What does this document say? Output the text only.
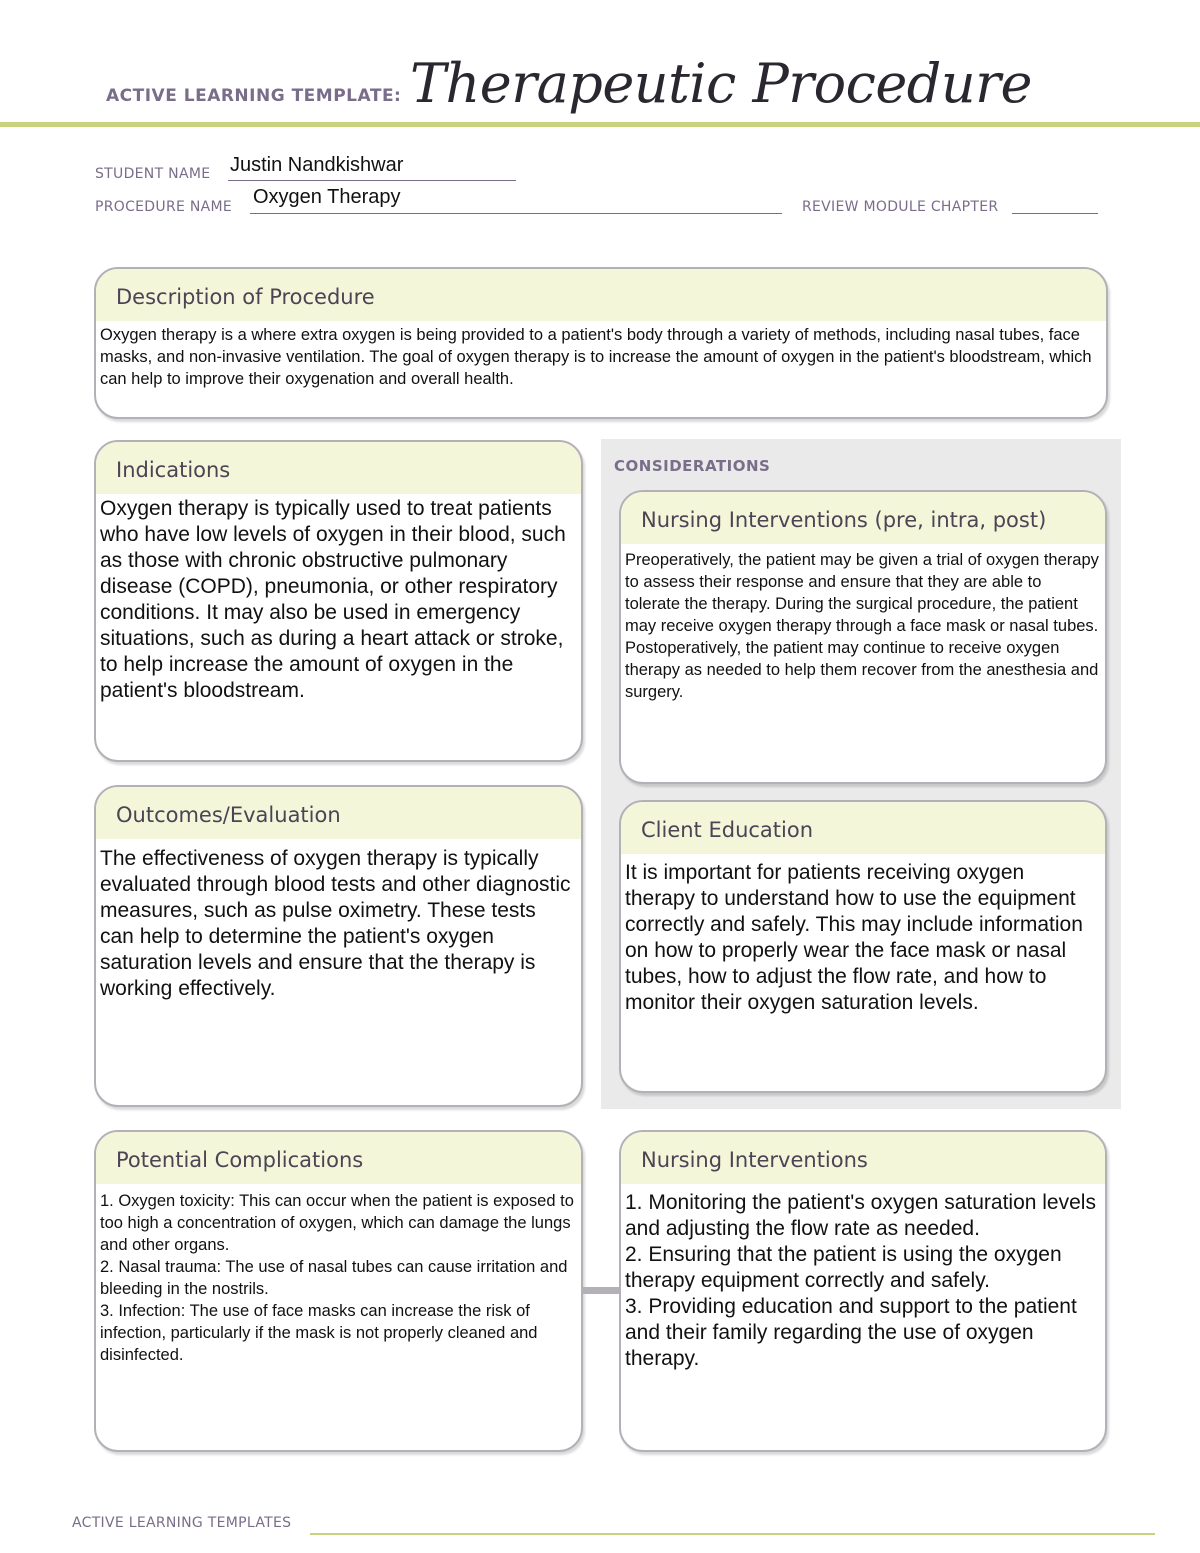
ACTIVE LEARNING TEMPLATE: Therapeutic Procedure
STUDENT NAME Justin Nandkishwar
PROCEDURE NAME Oxygen Therapy	REVIEW MODULE CHAPTER
Description of Procedure
Oxygen therapy is a where extra oxygen is being provided to a patient's body through a variety of methods, including nasal tubes, face masks, and non-invasive ventilation. The goal of oxygen therapy is to increase the amount of oxygen in the patient's bloodstream, which can help to improve their oxygenation and overall health.
Indications
Oxygen therapy is typically used to treat patients who have low levels of oxygen in their blood, such as those with chronic obstructive pulmonary disease (COPD), pneumonia, or other respiratory conditions. It may also be used in emergency situations, such as during a heart attack or stroke, to help increase the amount of oxygen in the patient's bloodstream.
CONSIDERATIONS
Nursing Interventions (pre, intra, post)
Preoperatively, the patient may be given a trial of oxygen therapy to assess their response and ensure that they are able to tolerate the therapy. During the surgical procedure, the patient may receive oxygen therapy through a face mask or nasal tubes. Postoperatively, the patient may continue to receive oxygen therapy as needed to help them recover from the anesthesia and surgery.
Client Education
It is important for patients receiving oxygen therapy to understand how to use the equipment correctly and safely. This may include information on how to properly wear the face mask or nasal tubes, how to adjust the flow rate, and how to monitor their oxygen saturation levels.
Outcomes/Evaluation
The effectiveness of oxygen therapy is typically evaluated through blood tests and other diagnostic measures, such as pulse oximetry. These tests can help to determine the patient's oxygen saturation levels and ensure that the therapy is working effectively.
Potential Complications
1. Oxygen toxicity: This can occur when the patient is exposed to too high a concentration of oxygen, which can damage the lungs and other organs.
2. Nasal trauma: The use of nasal tubes can cause irritation and bleeding in the nostrils.
3. Infection: The use of face masks can increase the risk of infection, particularly if the mask is not properly cleaned and disinfected.
Nursing Interventions
1. Monitoring the patient's oxygen saturation levels and adjusting the flow rate as needed.
2. Ensuring that the patient is using the oxygen therapy equipment correctly and safely.
3. Providing education and support to the patient and their family regarding the use of oxygen therapy.
ACTIVE LEARNING TEMPLATES
